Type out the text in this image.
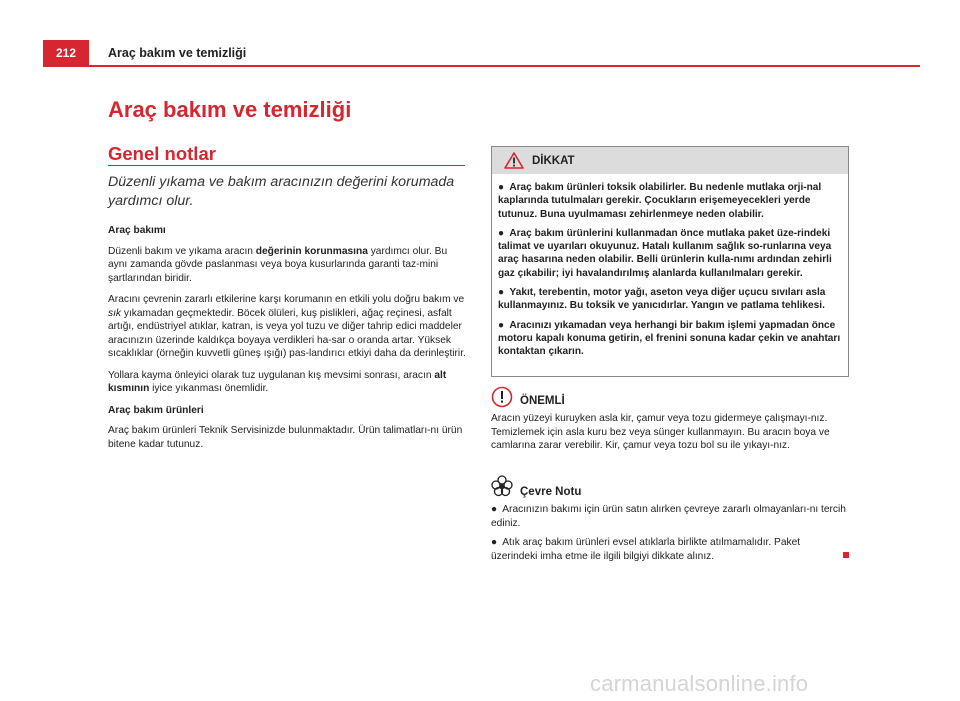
212	Araç bakım ve temizliği
Araç bakım ve temizliği
Genel notlar

Düzenli yıkama ve bakım aracınızın değerini korumada yardımcı olur.

Araç bakımı

Düzenli bakım ve yıkama aracın değerinin korunmasına yardımcı olur. Bu aynı zamanda gövde paslanması veya boya kusurlarında garanti taz-mini şartlarından biridir.

Aracını çevrenin zararlı etkilerine karşı korumanın en etkili yolu doğru bakım ve sık yıkamadan geçmektedir. Böcek ölüleri, kuş pislikleri, ağaç reçinesi, asfalt artığı, endüstriyel atıklar, katran, is veya yol tuzu ve diğer tahrip edici maddeler aracınızın üzerinde kaldıkça boyaya verdikleri ha-sar o oranda artar. Yüksek sıcaklıklar (örneğin kuvvetli güneş ışığı) pas-landırıcı etkiyi daha da derinleştirir.

Yollara kayma önleyici olarak tuz uygulanan kış mevsimi sonrası, aracın alt kısmının iyice yıkanması önemlidir.

Araç bakım ürünleri

Araç bakım ürünleri Teknik Servisinizde bulunmaktadır. Ürün talimatları-nı ürün bitene kadar tutunuz.

DİKKAT

● Araç bakım ürünleri toksik olabilirler. Bu nedenle mutlaka orji-nal kaplarında tutulmaları gerekir. Çocukların erişemeyecekleri yerde tutunuz. Buna uyulmaması zehirlenmeye neden olabilir.

● Araç bakım ürünlerini kullanmadan önce mutlaka paket üze-rindeki talimat ve uyarıları okuyunuz. Hatalı kullanım sağlık so-runlarına veya araç hasarına neden olabilir. Belli ürünlerin kulla-nımı ardından zehirli gaz çıkabilir; iyi havalandırılmış alanlarda kullanılmaları gerekir.

● Yakıt, terebentin, motor yağı, aseton veya diğer uçucu sıvıları asla kullanmayınız. Bu toksik ve yanıcıdırlar. Yangın ve patlama tehlikesi.

● Aracınızı yıkamadan veya herhangi bir bakım işlemi yapmadan önce motoru kapalı konuma getirin, el frenini sonuna kadar çekin ve anahtarı kontaktan çıkarın.

ÖNEMLİ

Aracın yüzeyi kuruyken asla kir, çamur veya tozu gidermeye çalışmayı-nız. Temizlemek için asla kuru bez veya sünger kullanmayın. Bu aracın boya ve camlarına zarar verebilir. Kir, çamur veya tozu bol su ile yıkayı-nız.

Çevre Notu

● Aracınızın bakımı için ürün satın alırken çevreye zararlı olmayanları-nı tercih ediniz.

● Atık araç bakım ürünleri evsel atıklarla birlikte atılmamalıdır. Paket üzerindeki imha etme ile ilgili bilgiyi dikkate alınız.

carmanualsonline.info
